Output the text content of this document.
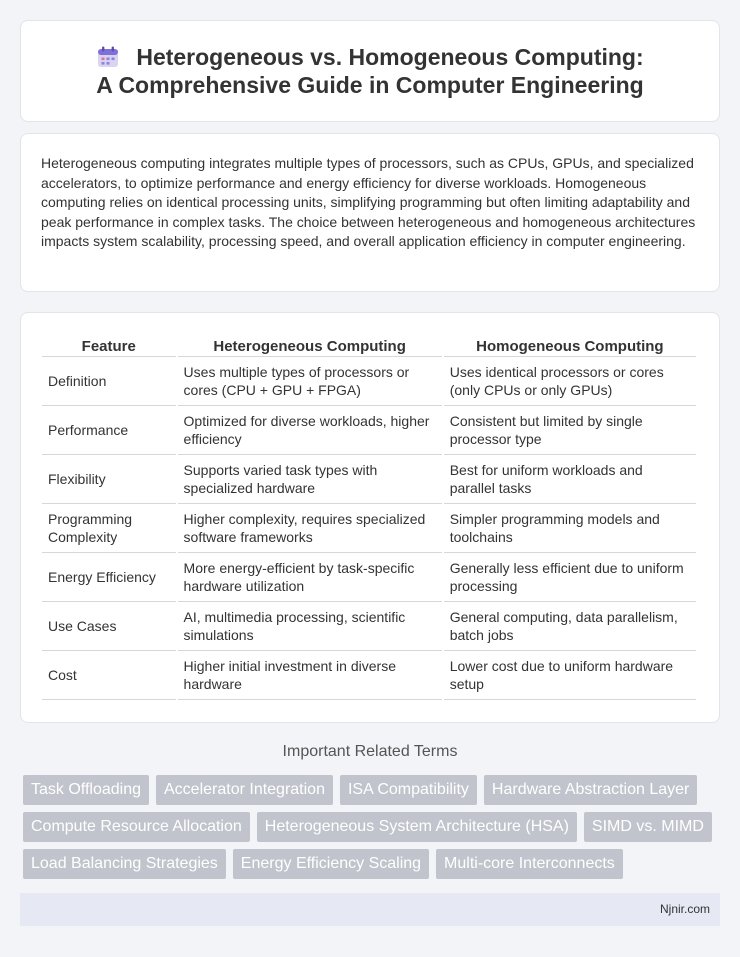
Heterogeneous vs. Homogeneous Computing: A Comprehensive Guide in Computer Engineering

Heterogeneous computing integrates multiple types of processors, such as CPUs, GPUs, and specialized accelerators, to optimize performance and energy efficiency for diverse workloads. Homogeneous computing relies on identical processing units, simplifying programming but often limiting adaptability and peak performance in complex tasks. The choice between heterogeneous and homogeneous architectures impacts system scalability, processing speed, and overall application efficiency in computer engineering.

Feature	Heterogeneous Computing	Homogeneous Computing
Definition	Uses multiple types of processors or cores (CPU + GPU + FPGA)	Uses identical processors or cores (only CPUs or only GPUs)
Performance	Optimized for diverse workloads, higher efficiency	Consistent but limited by single processor type
Flexibility	Supports varied task types with specialized hardware	Best for uniform workloads and parallel tasks
Programming Complexity	Higher complexity, requires specialized software frameworks	Simpler programming models and toolchains
Energy Efficiency	More energy-efficient by task-specific hardware utilization	Generally less efficient due to uniform processing
Use Cases	AI, multimedia processing, scientific simulations	General computing, data parallelism, batch jobs
Cost	Higher initial investment in diverse hardware	Lower cost due to uniform hardware setup
Important Related Terms
Task Offloading	Accelerator Integration	ISA Compatibility	Hardware Abstraction Layer
Compute Resource Allocation	Heterogeneous System Architecture (HSA)	SIMD vs. MIMD
Load Balancing Strategies	Energy Efficiency Scaling	Multi-core Interconnects
Njnir.com
